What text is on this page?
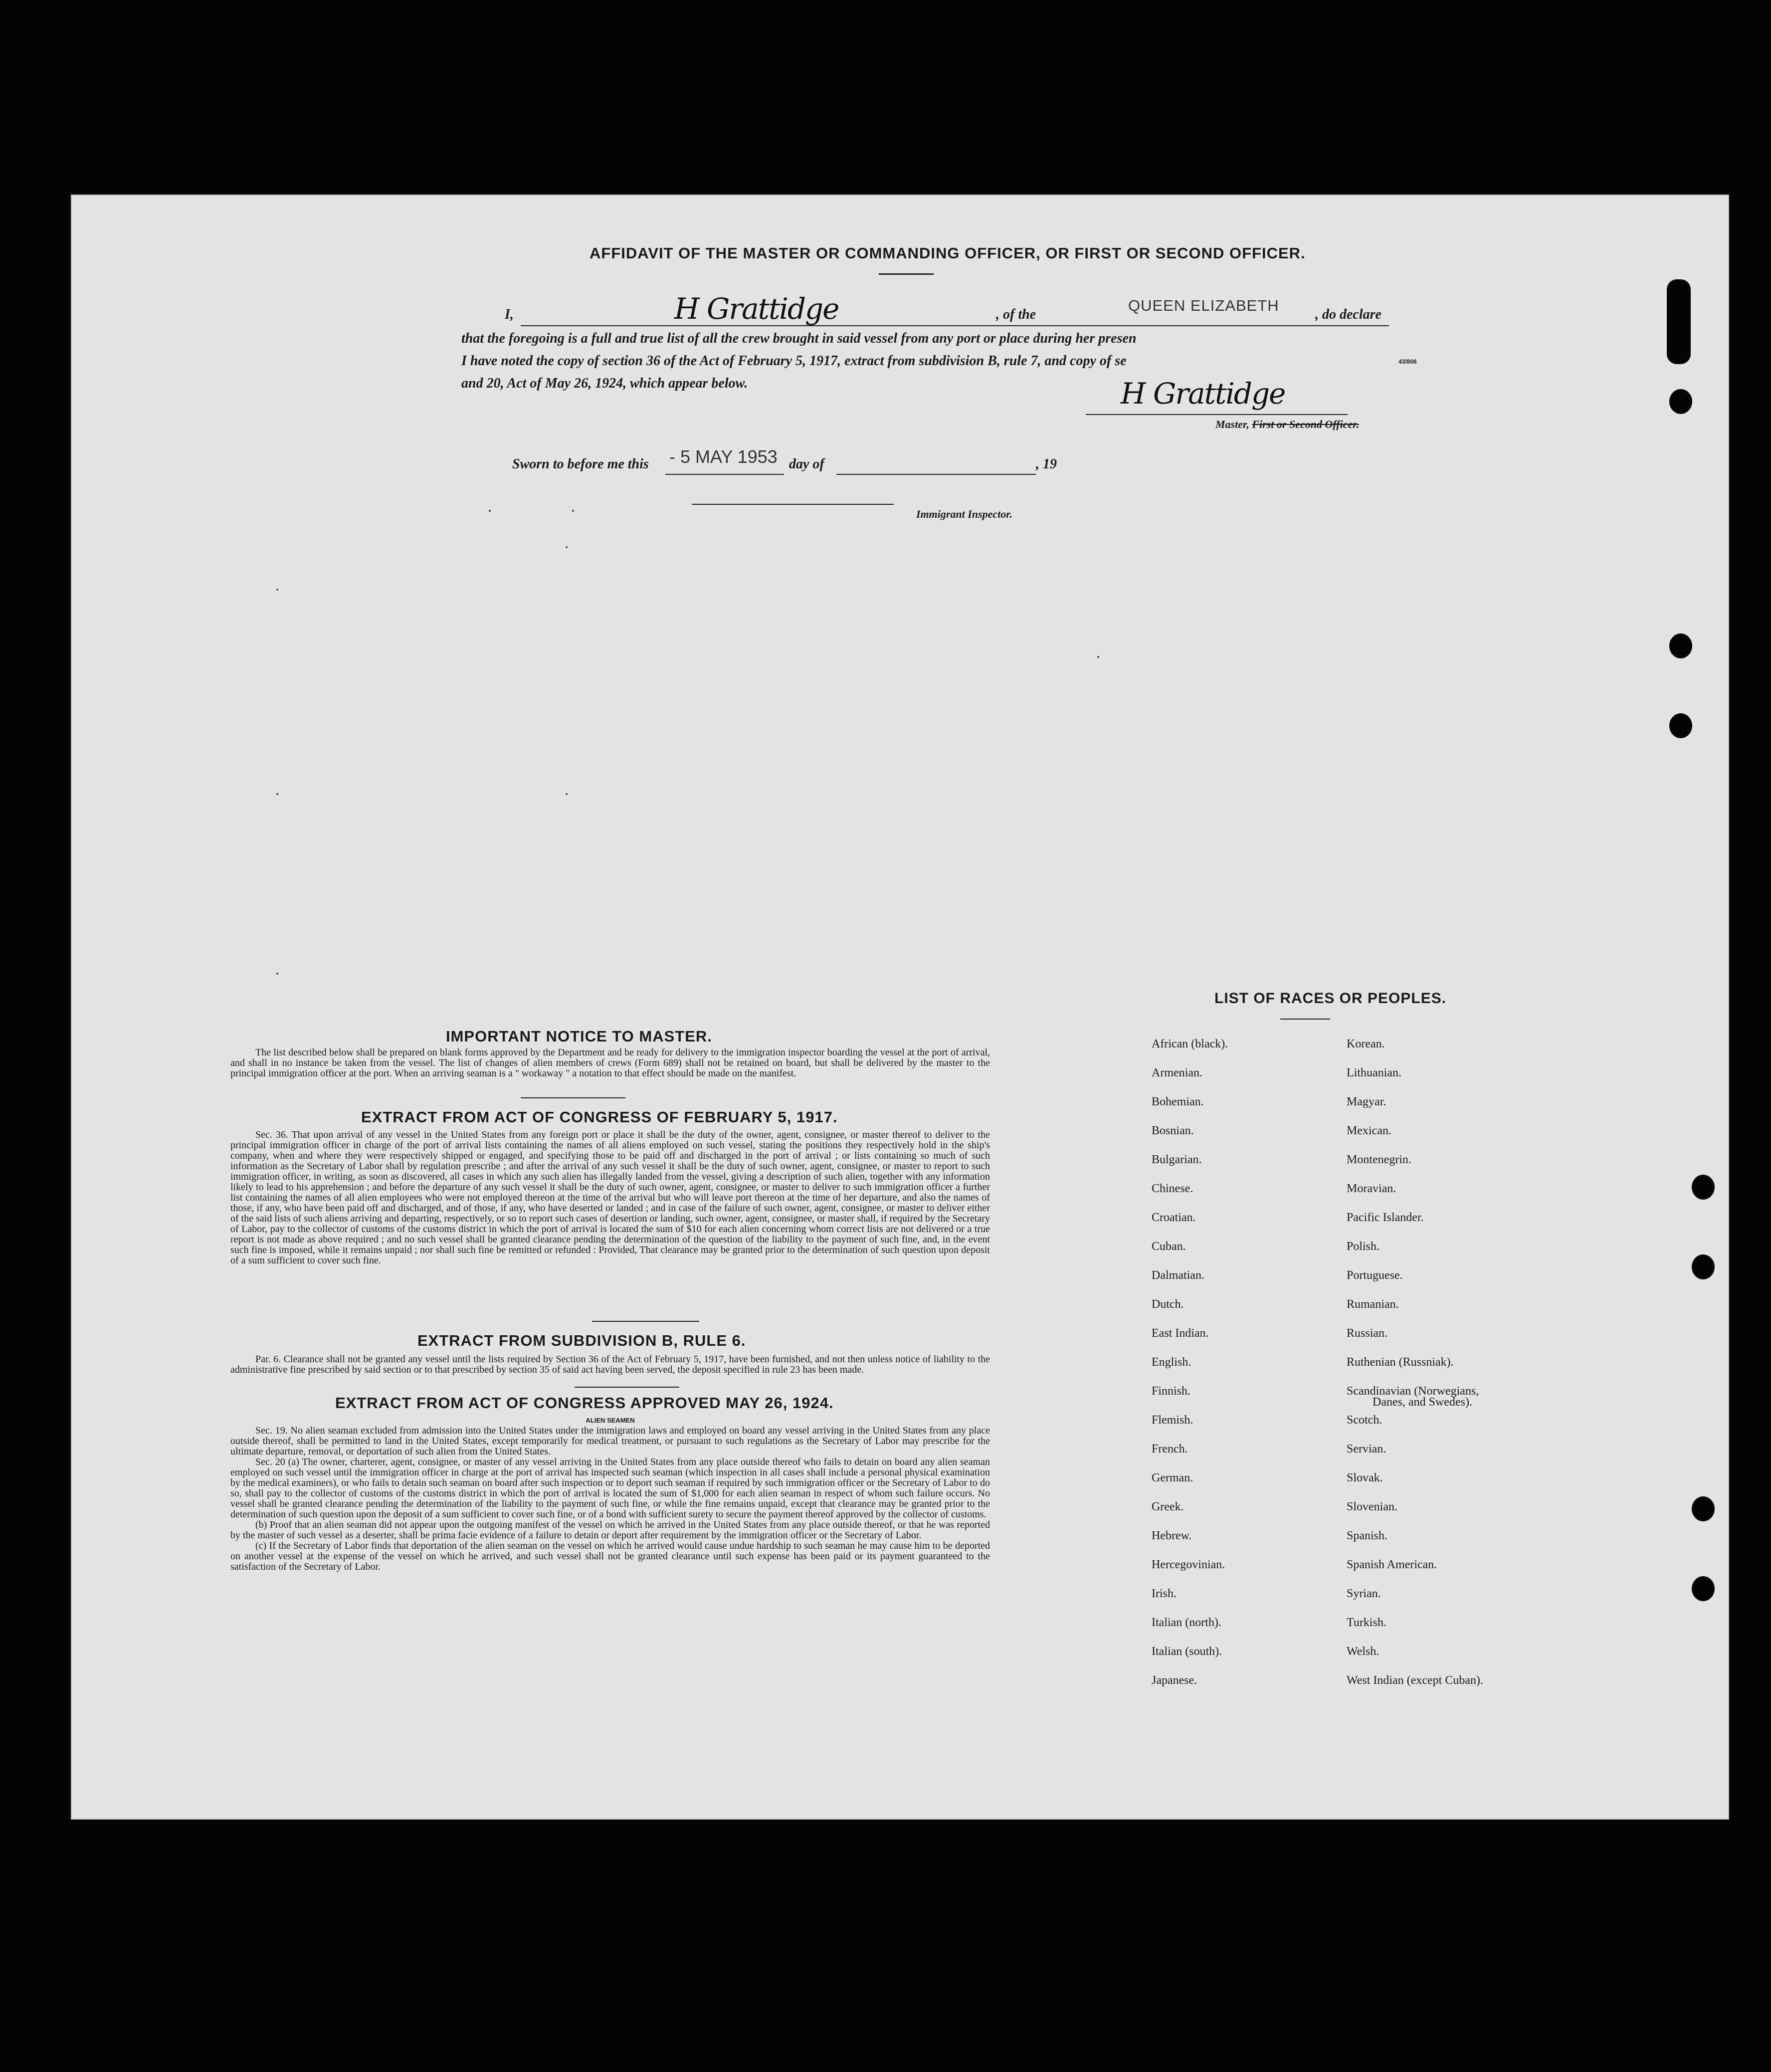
AFFIDAVIT OF THE MASTER OR COMMANDING OFFICER, OR FIRST OR SECOND OFFICER.
I,	H Grattidge	, of the
QUEEN ELIZABETH
, do declare
that the foregoing is a full and true list of all the crew brought in said vessel from any port or place during her presen
I have noted the copy of section 36 of the Act of February 5, 1917, extract from subdivision B, rule 7, and copy of se	43/806
and 20, Act of May 26, 1924, which appear below.	H Grattidge
Master, First or Second Officer.
Sworn to before me this - 5 MAY 1953 day of	, 19
Immigrant Inspector.
IMPORTANT NOTICE TO MASTER.

The list described below shall be prepared on blank forms approved by the Department and be ready for delivery to the immigration inspector boarding the vessel at the port of arrival, and shall in no instance be taken from the vessel. The list of changes of alien members of crews (Form 689) shall not be retained on board, but shall be delivered by the master to the principal immigration officer at the port. When an arriving seaman is a " workaway " a notation to that effect should be made on the manifest.

EXTRACT FROM ACT OF CONGRESS OF FEBRUARY 5, 1917.

Sec. 36. That upon arrival of any vessel in the United States from any foreign port or place it shall be the duty of the owner, agent, consignee, or master thereof to deliver to the principal immigration officer in charge of the port of arrival lists containing the names of all aliens employed on such vessel, stating the positions they respectively hold in the ship's company, when and where they were respectively shipped or engaged, and specifying those to be paid off and discharged in the port of arrival ; or lists containing so much of such information as the Secretary of Labor shall by regulation prescribe ; and after the arrival of any such vessel it shall be the duty of such owner, agent, consignee, or master to report to such immigration officer, in writing, as soon as discovered, all cases in which any such alien has illegally landed from the vessel, giving a description of such alien, together with any information likely to lead to his apprehension ; and before the departure of any such vessel it shall be the duty of such owner, agent, consignee, or master to deliver to such immigration officer a further list containing the names of all alien employees who were not employed thereon at the time of the arrival but who will leave port thereon at the time of her departure, and also the names of those, if any, who have been paid off and discharged, and of those, if any, who have deserted or landed ; and in case of the failure of such owner, agent, consignee, or master to deliver either of the said lists of such aliens arriving and departing, respectively, or so to report such cases of desertion or landing, such owner, agent, consignee, or master shall, if required by the Secretary of Labor, pay to the collector of customs of the customs district in which the port of arrival is located the sum of $10 for each alien concerning whom correct lists are not delivered or a true report is not made as above required ; and no such vessel shall be granted clearance pending the determination of the question of the liability to the payment of such fine, and, in the event such fine is imposed, while it remains unpaid ; nor shall such fine be remitted or refunded : Provided, That clearance may be granted prior to the determination of such question upon deposit of a sum sufficient to cover such fine.

EXTRACT FROM SUBDIVISION B, RULE 6.

Par. 6. Clearance shall not be granted any vessel until the lists required by Section 36 of the Act of February 5, 1917, have been furnished, and not then unless notice of liability to the administrative fine prescribed by said section or to that prescribed by section 35 of said act having been served, the deposit specified in rule 23 has been made.

EXTRACT FROM ACT OF CONGRESS APPROVED MAY 26, 1924.
ALIEN SEAMEN

Sec. 19. No alien seaman excluded from admission into the United States under the immigration laws and employed on board any vessel arriving in the United States from any place outside thereof, shall be permitted to land in the United States, except temporarily for medical treatment, or pursuant to such regulations as the Secretary of Labor may prescribe for the ultimate departure, removal, or deportation of such alien from the United States.

Sec. 20 (a) The owner, charterer, agent, consignee, or master of any vessel arriving in the United States from any place outside thereof who fails to detain on board any alien seaman employed on such vessel until the immigration officer in charge at the port of arrival has inspected such seaman (which inspection in all cases shall include a personal physical examination by the medical examiners), or who fails to detain such seaman on board after such inspection or to deport such seaman if required by such immigration officer or the Secretary of Labor to do so, shall pay to the collector of customs of the customs district in which the port of arrival is located the sum of $1,000 for each alien seaman in respect of whom such failure occurs. No vessel shall be granted clearance pending the determination of the liability to the payment of such fine, or while the fine remains unpaid, except that clearance may be granted prior to the determination of such question upon the deposit of a sum sufficient to cover such fine, or of a bond with sufficient surety to secure the payment thereof approved by the collector of customs.

(b) Proof that an alien seaman did not appear upon the outgoing manifest of the vessel on which he arrived in the United States from any place outside thereof, or that he was reported by the master of such vessel as a deserter, shall be prima facie evidence of a failure to detain or deport after requirement by the immigration officer or the Secretary of Labor.

(c) If the Secretary of Labor finds that deportation of the alien seaman on the vessel on which he arrived would cause undue hardship to such seaman he may cause him to be deported on another vessel at the expense of the vessel on which he arrived, and such vessel shall not be granted clearance until such expense has been paid or its payment guaranteed to the satisfaction of the Secretary of Labor.

LIST OF RACES OR PEOPLES.
African (black).
Armenian.
Bohemian.
Bosnian.
Bulgarian.
Chinese.
Croatian.
Cuban.
Dalmatian.
Dutch.
East Indian.
English.
Finnish.
Flemish.
French.
German.
Greek.
Hebrew.
Hercegovinian.
Irish.
Italian (north).
Italian (south).
Japanese.
Korean.
Lithuanian.
Magyar.
Mexican.
Montenegrin.
Moravian.
Pacific Islander.
Polish.
Portuguese.
Rumanian.
Russian.
Ruthenian (Russniak).
Scandinavian (Norwegians,
Danes, and Swedes).
Scotch.
Servian.
Slovak.
Slovenian.
Spanish.
Spanish American.
Syrian.
Turkish.
Welsh.
West Indian (except Cuban).
